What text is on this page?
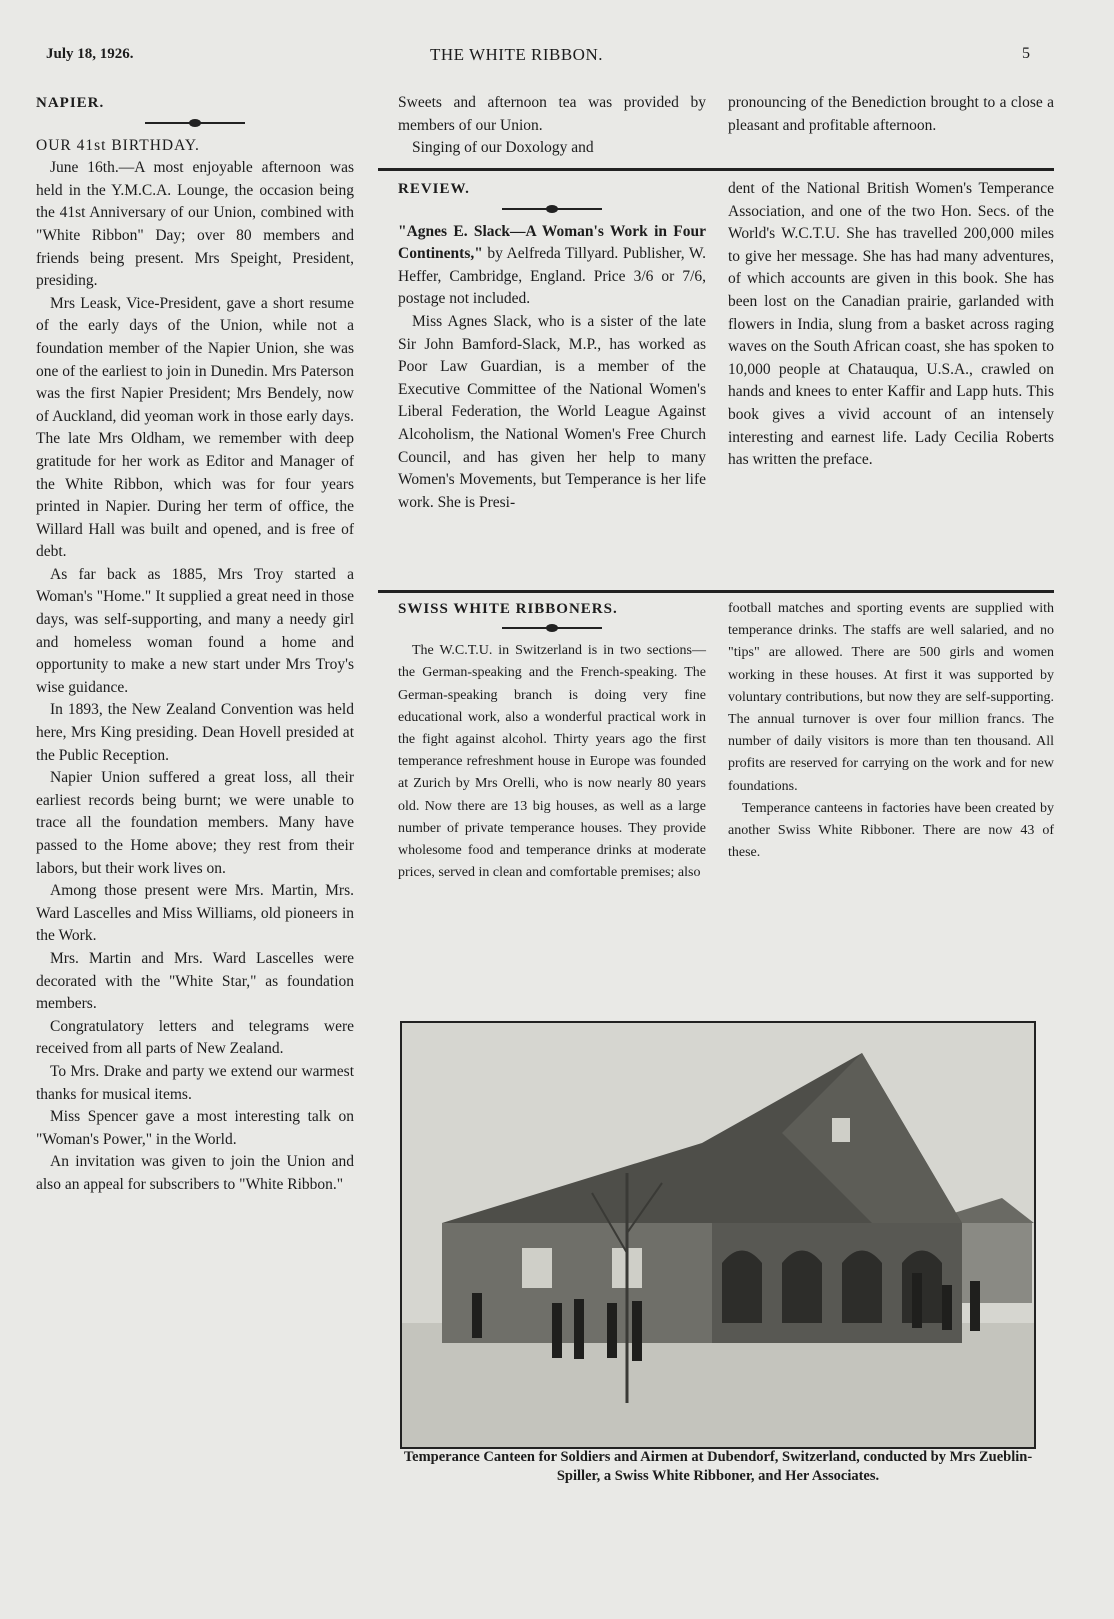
July 18, 1926.	THE WHITE RIBBON.	5

NAPIER.

OUR 41st BIRTHDAY.

June 16th.—A most enjoyable afternoon was held in the Y.M.C.A. Lounge, the occasion being the 41st Anniversary of our Union, combined with "White Ribbon" Day; over 80 members and friends being present. Mrs Speight, President, presiding.

Mrs Leask, Vice-President, gave a short resume of the early days of the Union, while not a foundation member of the Napier Union, she was one of the earliest to join in Dunedin. Mrs Paterson was the first Napier President; Mrs Bendely, now of Auckland, did yeoman work in those early days. The late Mrs Oldham, we remember with deep gratitude for her work as Editor and Manager of the White Ribbon, which was for four years printed in Napier. During her term of office, the Willard Hall was built and opened, and is free of debt.

As far back as 1885, Mrs Troy started a Woman's "Home." It supplied a great need in those days, was self-supporting, and many a needy girl and homeless woman found a home and opportunity to make a new start under Mrs Troy's wise guidance.

In 1893, the New Zealand Convention was held here, Mrs King presiding. Dean Hovell presided at the Public Reception.

Napier Union suffered a great loss, all their earliest records being burnt; we were unable to trace all the foundation members. Many have passed to the Home above; they rest from their labors, but their work lives on.

Among those present were Mrs. Martin, Mrs. Ward Lascelles and Miss Williams, old pioneers in the Work.

Mrs. Martin and Mrs. Ward Lascelles were decorated with the "White Star," as foundation members.

Congratulatory letters and telegrams were received from all parts of New Zealand.

To Mrs. Drake and party we extend our warmest thanks for musical items.

Miss Spencer gave a most interesting talk on "Woman's Power," in the World.

An invitation was given to join the Union and also an appeal for subscribers to "White Ribbon."

Sweets and afternoon tea was provided by members of our Union.

Singing of our Doxology and

pronouncing of the Benediction brought to a close a pleasant and profitable afternoon.

REVIEW.

"Agnes E. Slack—A Woman's Work in Four Continents," by Aelfreda Tillyard. Publisher, W. Heffer, Cambridge, England. Price 3/6 or 7/6, postage not included.

Miss Agnes Slack, who is a sister of the late Sir John Bamford-Slack, M.P., has worked as Poor Law Guardian, is a member of the Executive Committee of the National Women's Liberal Federation, the World League Against Alcoholism, the National Women's Free Church Council, and has given her help to many Women's Movements, but Temperance is her life work. She is Presi-

dent of the National British Women's Temperance Association, and one of the two Hon. Secs. of the World's W.C.T.U. She has travelled 200,000 miles to give her message. She has had many adventures, of which accounts are given in this book. She has been lost on the Canadian prairie, garlanded with flowers in India, slung from a basket across raging waves on the South African coast, she has spoken to 10,000 people at Chatauqua, U.S.A., crawled on hands and knees to enter Kaffir and Lapp huts. This book gives a vivid account of an intensely interesting and earnest life. Lady Cecilia Roberts has written the preface.

SWISS WHITE RIBBONERS.

The W.C.T.U. in Switzerland is in two sections—the German-speaking and the French-speaking. The German-speaking branch is doing very fine educational work, also a wonderful practical work in the fight against alcohol. Thirty years ago the first temperance refreshment house in Europe was founded at Zurich by Mrs Orelli, who is now nearly 80 years old. Now there are 13 big houses, as well as a large number of private temperance houses. They provide wholesome food and temperance drinks at moderate prices, served in clean and comfortable premises; also

football matches and sporting events are supplied with temperance drinks. The staffs are well salaried, and no "tips" are allowed. There are 500 girls and women working in these houses. At first it was supported by voluntary contributions, but now they are self-supporting. The annual turnover is over four million francs. The number of daily visitors is more than ten thousand. All profits are reserved for carrying on the work and for new foundations.

Temperance canteens in factories have been created by another Swiss White Ribboner. There are now 43 of these.

Temperance Canteen for Soldiers and Airmen at Dubendorf, Switzerland, conducted by Mrs Zueblin-Spiller, a Swiss White Ribboner, and Her Associates.
